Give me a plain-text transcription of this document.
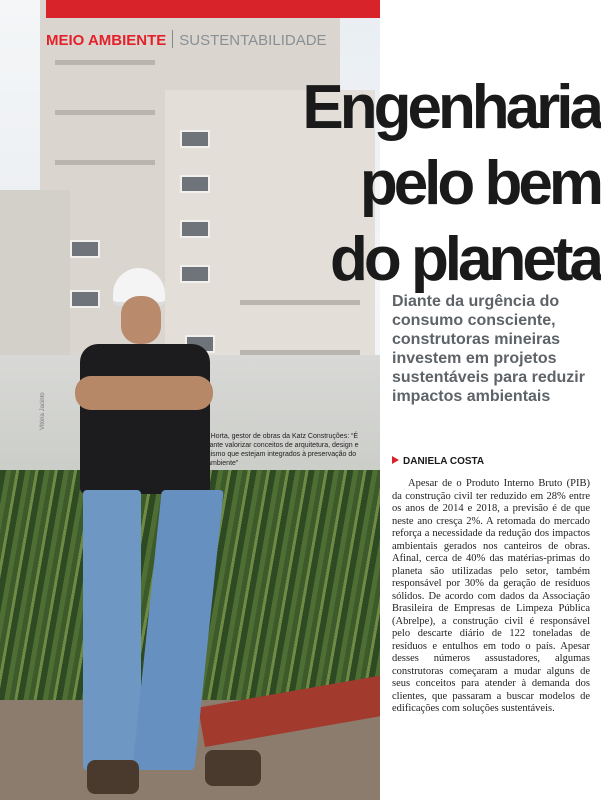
MEIO AMBIENTE SUSTENTABILIDADE
Engenharia
pelo bem
do planeta
Diante da urgência do consumo consciente, construtoras mineiras investem em projetos sustentáveis para reduzir impactos ambientais
Lucas Horta, gestor de obras da Katz Construções: “É importante valorizar conceitos de arquitetura, design e paisagismo que estejam integrados à preservação do meio ambiente”
Vitória Jacinto
DANIELA COSTA
Apesar de o Produto Interno Bruto (PIB) da construção civil ter reduzido em 28% entre os anos de 2014 e 2018, a previsão é de que neste ano cresça 2%. A retomada do mercado reforça a necessidade da redução dos impactos ambientais gerados nos canteiros de obras. Afinal, cerca de 40% das matérias-primas do planeta são utilizadas pelo setor, também responsável por 30% da geração de resíduos sólidos. De acordo com dados da Associação Brasileira de Empresas de Limpeza Pública (Abrelpe), a construção civil é responsável pelo descarte diário de 122 toneladas de resíduos e entulhos em todo o país. Apesar desses números assustadores, algumas construtoras começaram a mudar alguns de seus conceitos para atender à demanda dos clientes, que passaram a buscar modelos de edificações com soluções sustentáveis.
